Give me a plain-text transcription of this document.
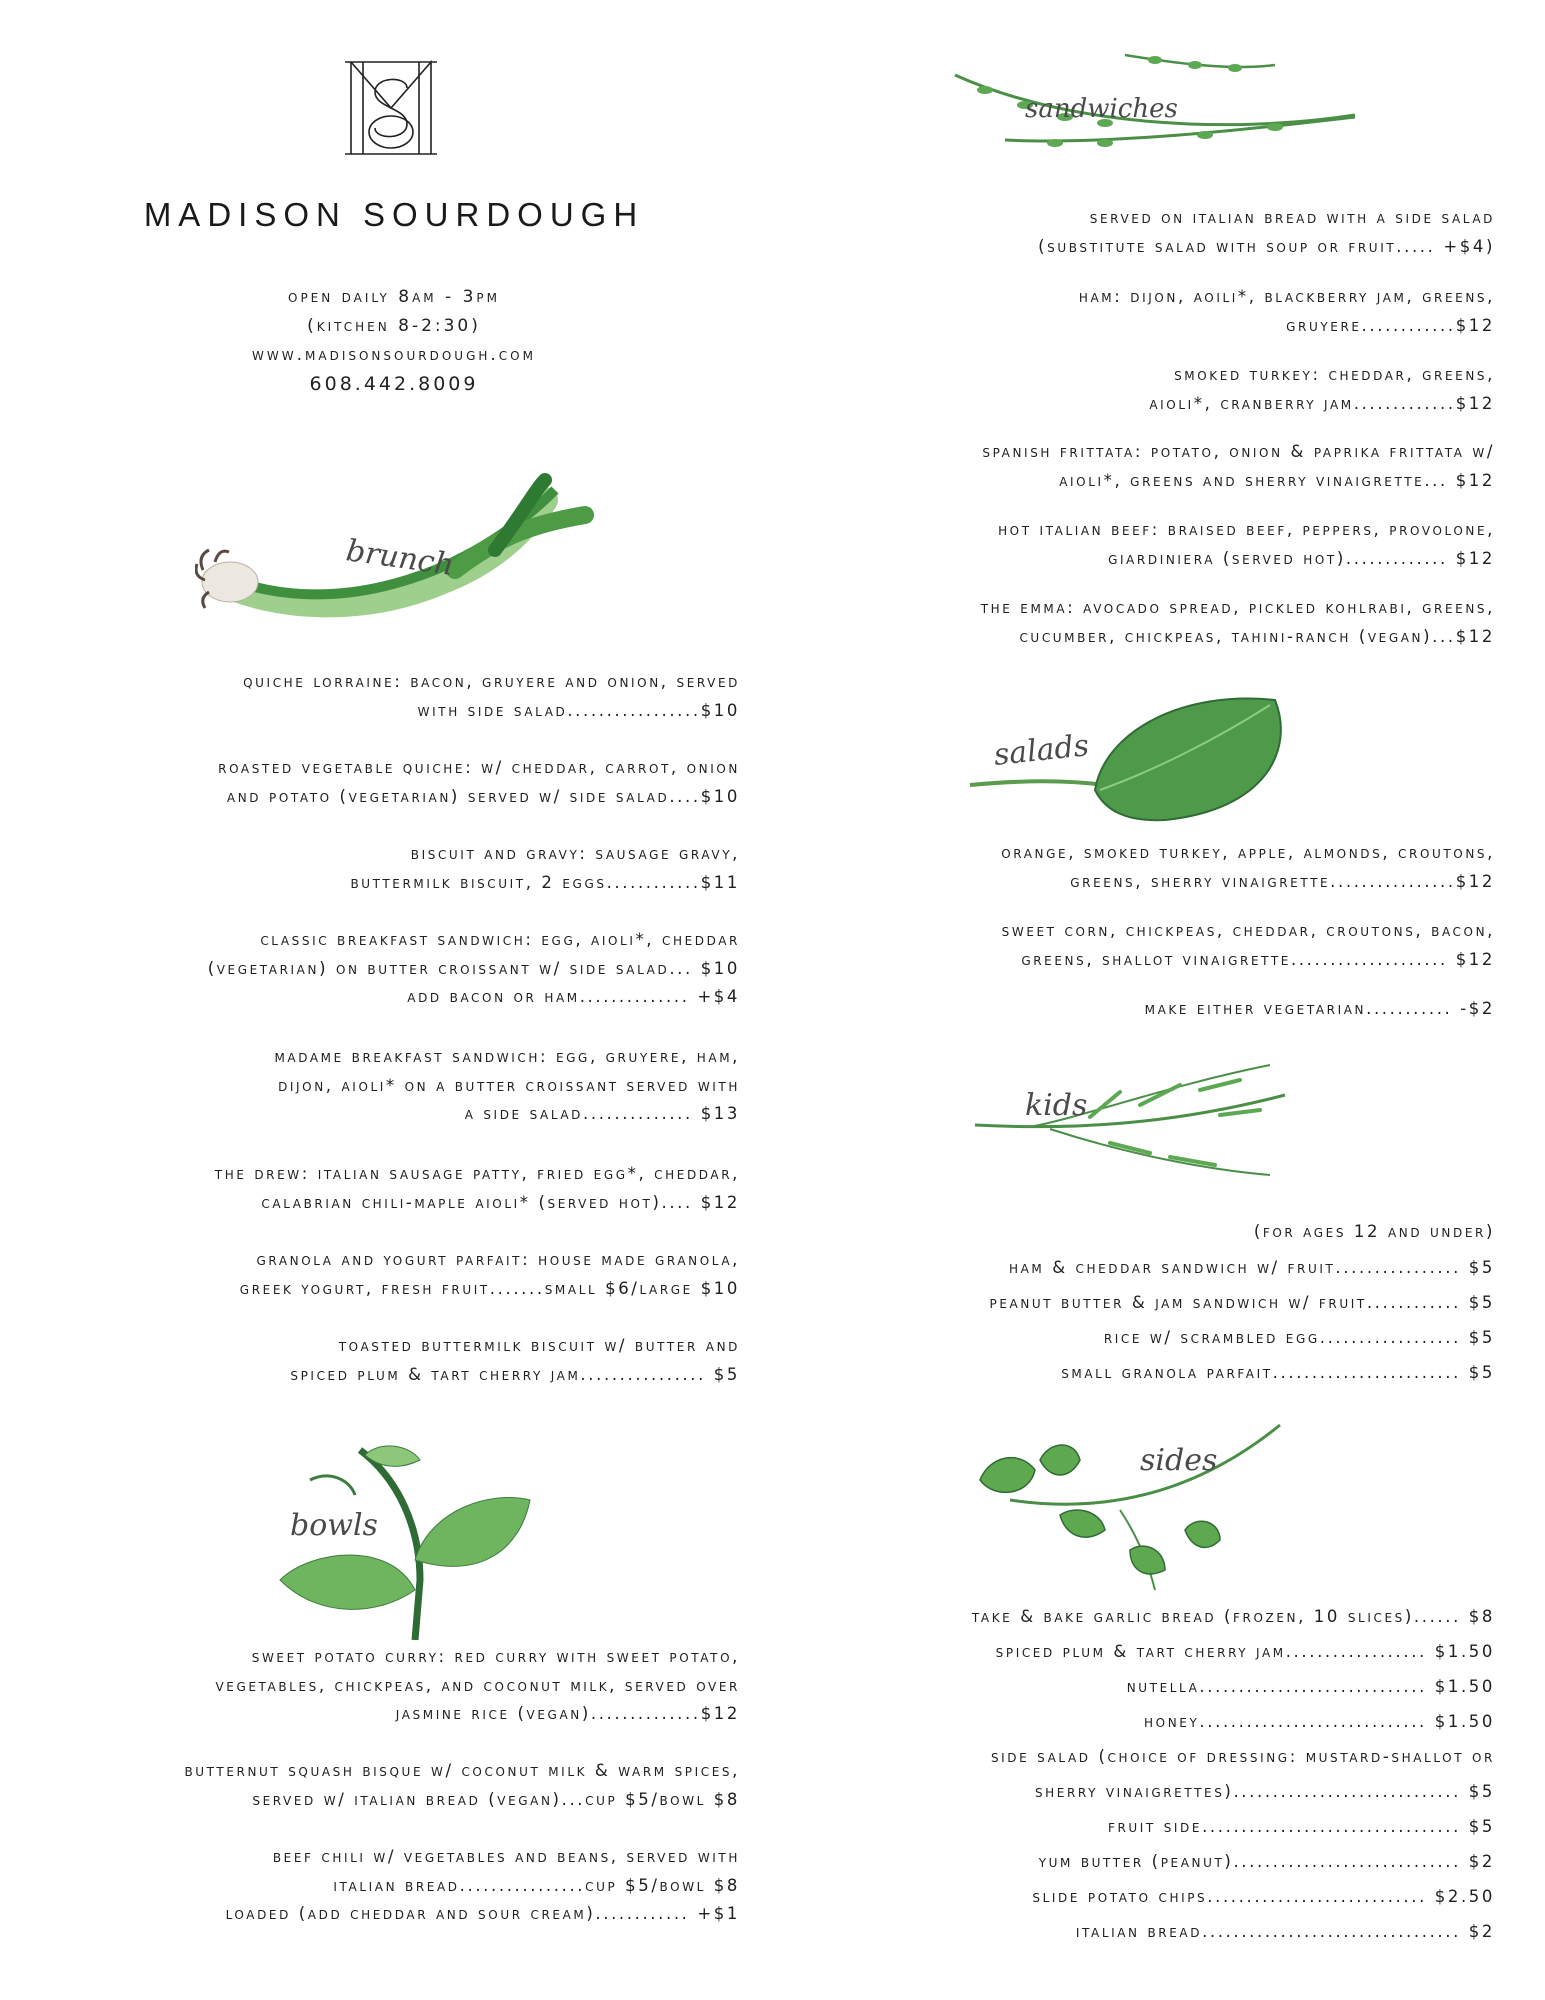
MADISON SOURDOUGH
open daily 8am - 3pm
(kitchen 8-2:30)
www.madisonsourdough.com
608.442.8009
brunch
quiche lorraine: bacon, gruyere and onion, served
with side salad.................$10
roasted vegetable quiche: w/ cheddar, carrot, onion
and potato (vegetarian) served w/ side salad....$10
biscuit and gravy: sausage gravy,
buttermilk biscuit, 2 eggs............$11
classic breakfast sandwich: egg, aioli*, cheddar
(vegetarian) on butter croissant w/ side salad... $10
add bacon or ham.............. +$4
madame breakfast sandwich: egg, gruyere, ham,
dijon, aioli* on a butter croissant served with
a side salad.............. $13
the drew: italian sausage patty, fried egg*, cheddar,
calabrian chili-maple aioli* (served hot).... $12
granola and yogurt parfait: house made granola,
greek yogurt, fresh fruit.......small $6/large $10
toasted buttermilk biscuit w/ butter and
spiced plum & tart cherry jam................ $5
bowls
sweet potato curry: red curry with sweet potato,
vegetables, chickpeas, and coconut milk, served over
jasmine rice (vegan)..............$12
butternut squash bisque w/ coconut milk & warm spices,
served w/ italian bread (vegan)...cup $5/bowl $8
beef chili w/ vegetables and beans, served with
italian bread................cup $5/bowl $8
loaded (add cheddar and sour cream)............ +$1
sandwiches
served on italian bread with a side salad
(substitute salad with soup or fruit..... +$4)
ham: dijon, aoili*, blackberry jam, greens,
gruyere............$12
smoked turkey: cheddar, greens,
aioli*, cranberry jam.............$12
spanish frittata: potato, onion & paprika frittata w/
aioli*, greens and sherry vinaigrette... $12
hot italian beef: braised beef, peppers, provolone,
giardiniera (served hot)............. $12
the emma: avocado spread, pickled kohlrabi, greens,
cucumber, chickpeas, tahini-ranch (vegan)...$12
salads
orange, smoked turkey, apple, almonds, croutons,
greens, sherry vinaigrette................$12
sweet corn, chickpeas, cheddar, croutons, bacon,
greens, shallot vinaigrette.................... $12
make either vegetarian........... -$2
kids
(for ages 12 and under)
ham & cheddar sandwich w/ fruit................ $5
peanut butter & jam sandwich w/ fruit............ $5
rice w/ scrambled egg.................. $5
small granola parfait........................ $5
sides
take & bake garlic bread (frozen, 10 slices)...... $8
spiced plum & tart cherry jam.................. $1.50
nutella............................. $1.50
honey............................. $1.50
side salad (choice of dressing: mustard-shallot or
sherry vinaigrettes)............................. $5
fruit side................................. $5
yum butter (peanut)............................. $2
slide potato chips............................ $2.50
italian bread................................. $2
